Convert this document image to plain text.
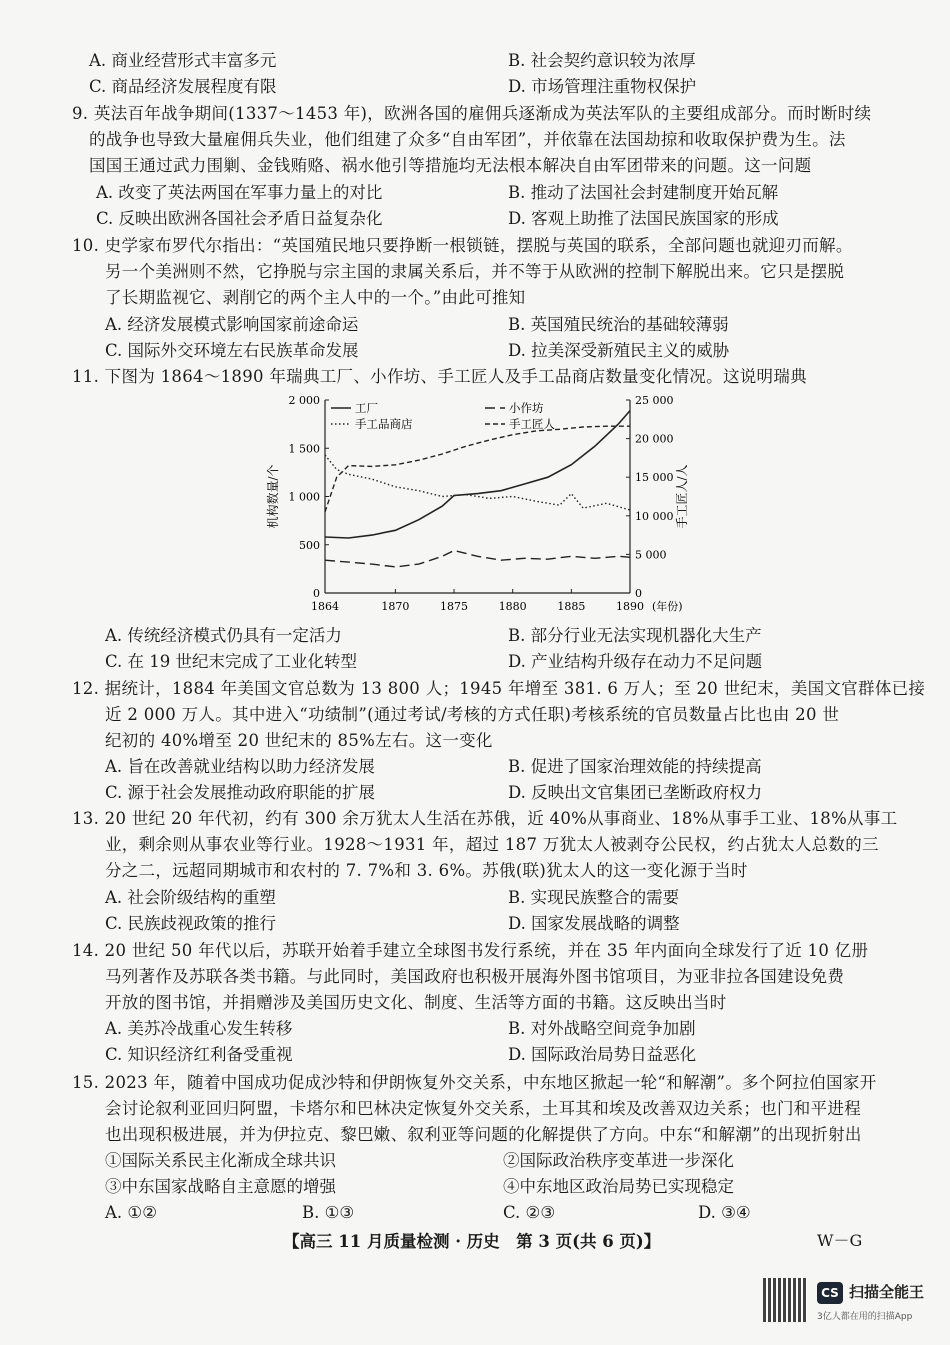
A. 商业经营形式丰富多元	B. 社会契约意识较为浓厚
C. 商品经济发展程度有限	D. 市场管理注重物权保护
9. 英法百年战争期间(1337～1453 年)，欧洲各国的雇佣兵逐渐成为英法军队的主要组成部分。而时断时续
的战争也导致大量雇佣兵失业，他们组建了众多“自由军团”，并依靠在法国劫掠和收取保护费为生。法
国国王通过武力围剿、金钱贿赂、祸水他引等措施均无法根本解决自由军团带来的问题。这一问题
A. 改变了英法两国在军事力量上的对比	B. 推动了法国社会封建制度开始瓦解
C. 反映出欧洲各国社会矛盾日益复杂化	D. 客观上助推了法国民族国家的形成
10. 史学家布罗代尔指出：“英国殖民地只要挣断一根锁链，摆脱与英国的联系，全部问题也就迎刃而解。
另一个美洲则不然，它挣脱与宗主国的隶属关系后，并不等于从欧洲的控制下解脱出来。它只是摆脱
了长期监视它、剥削它的两个主人中的一个。”由此可推知
A. 经济发展模式影响国家前途命运	B. 英国殖民统治的基础较薄弱
C. 国际外交环境左右民族革命发展	D. 拉美深受新殖民主义的威胁
11. 下图为 1864～1890 年瑞典工厂、小作坊、手工匠人及手工品商店数量变化情况。这说明瑞典
0
500
1 000
1 500
2 000
0
5 000
10 000
15 000
20 000
25 000
1864	1870	1875	1880	1885	1890 (年份)
机构数量/个	手工匠人/人
工厂	小作坊
手工品商店	手工匠人
A. 传统经济模式仍具有一定活力	B. 部分行业无法实现机器化大生产
C. 在 19 世纪末完成了工业化转型	D. 产业结构升级存在动力不足问题
12. 据统计，1884 年美国文官总数为 13 800 人；1945 年增至 381. 6 万人；至 20 世纪末，美国文官群体已接
近 2 000 万人。其中进入“功绩制”(通过考试/考核的方式任职)考核系统的官员数量占比也由 20 世
纪初的 40%增至 20 世纪末的 85%左右。这一变化
A. 旨在改善就业结构以助力经济发展	B. 促进了国家治理效能的持续提高
C. 源于社会发展推动政府职能的扩展	D. 反映出文官集团已垄断政府权力
13. 20 世纪 20 年代初，约有 300 余万犹太人生活在苏俄，近 40%从事商业、18%从事手工业、18%从事工
业，剩余则从事农业等行业。1928～1931 年，超过 187 万犹太人被剥夺公民权，约占犹太人总数的三
分之二，远超同期城市和农村的 7. 7%和 3. 6%。苏俄(联)犹太人的这一变化源于当时
A. 社会阶级结构的重塑	B. 实现民族整合的需要
C. 民族歧视政策的推行	D. 国家发展战略的调整
14. 20 世纪 50 年代以后，苏联开始着手建立全球图书发行系统，并在 35 年内面向全球发行了近 10 亿册
马列著作及苏联各类书籍。与此同时，美国政府也积极开展海外图书馆项目，为亚非拉各国建设免费
开放的图书馆，并捐赠涉及美国历史文化、制度、生活等方面的书籍。这反映出当时
A. 美苏冷战重心发生转移	B. 对外战略空间竞争加剧
C. 知识经济红利备受重视	D. 国际政治局势日益恶化
15. 2023 年，随着中国成功促成沙特和伊朗恢复外交关系，中东地区掀起一轮“和解潮”。多个阿拉伯国家开
会讨论叙利亚回归阿盟，卡塔尔和巴林决定恢复外交关系，土耳其和埃及改善双边关系；也门和平进程
也出现积极进展，并为伊拉克、黎巴嫩、叙利亚等问题的化解提供了方向。中东“和解潮”的出现折射出
①国际关系民主化渐成全球共识	②国际政治秩序变革进一步深化
③中东国家战略自主意愿的增强	④中东地区政治局势已实现稳定
A. ①②	B. ①③	C. ②③	D. ③④
【高三 11 月质量检测 · 历史　第 3 页(共 6 页)】	W－G
CS 扫描全能王
3亿人都在用的扫描App
